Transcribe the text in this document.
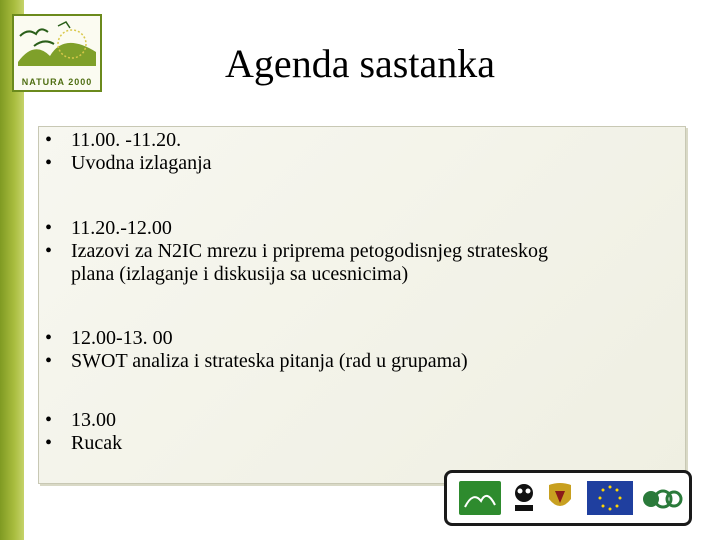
NATURA 2000	Agenda sastanka
• 11.00. -11.20.
• Uvodna izlaganja
• 11.20.-12.00
• Izazovi za N2IC mrezu i priprema petogodisnjeg strateskog
plana (izlaganje i diskusija sa ucesnicima)
• 12.00-13. 00
• SWOT analiza i strateska pitanja (rad u grupama)
• 13.00
• Rucak
